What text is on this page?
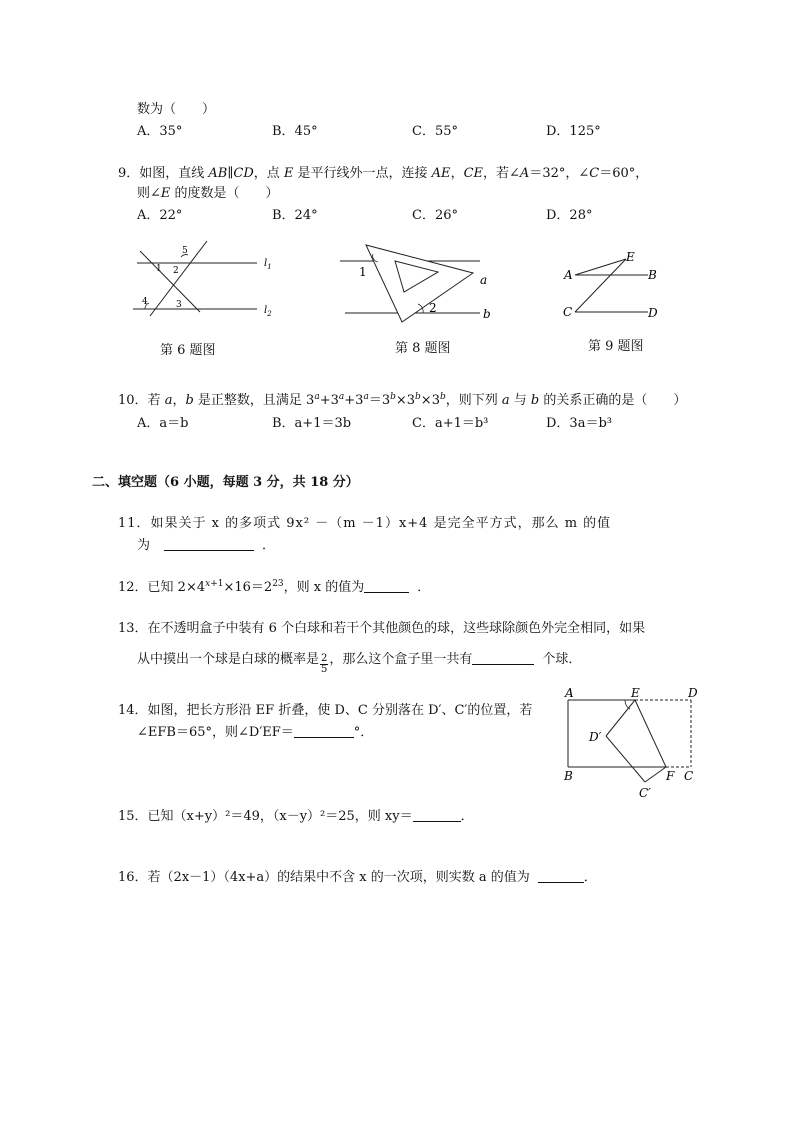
数为（　　）
A．35°	B．45°	C．55°	D．125°
9．如图，直线 AB∥CD，点 E 是平行线外一点，连接 AE，CE，若∠A＝32°，∠C＝60°，
则∠E 的度数是（　　）
A．22°	B．24°	C．26°	D．28°
5
1 2
4	3
$l_1$
$l_2$
第 6 题图
1
2
a
b
第 8 题图
A	B
C	D
E
第 9 题图
10．若 a，b 是正整数，且满足 $3^a+3^a+3^a=3^b\times 3^b\times 3^b$，则下列 a 与 b 的关系正确的是（　　）
A．a＝b	B．a+1＝3b	C．a+1＝b³	D．3a＝b³
二、填空题（6 小题，每题 3 分，共 18 分）
11．如果关于 x 的多项式 9x² －（m －1）x+4 是完全平方式，那么 m 的值
为	．
12．已知 $2\times 4^{x+1}\times 16=2^{23}$，则 x 的值为	．
13．在不透明盒子中装有 6 个白球和若干个其他颜色的球，这些球除颜色外完全相同，如果
从中摸出一个球是白球的概率是 $\frac{2}{5}$ ，那么这个盒子里一共有	个球．
14．如图，把长方形沿 EF 折叠，使 D、C 分别落在 D′、C′的位置，若
∠EFB＝65°，则∠D′EF＝	°．
A	E	D
D′
B	F C
C′
15．已知（x+y）²＝49，（x－y）²＝25，则 xy＝	．
16．若（2x－1）（4x+a）的结果中不含 x 的一次项，则实数 a 的值为	．
